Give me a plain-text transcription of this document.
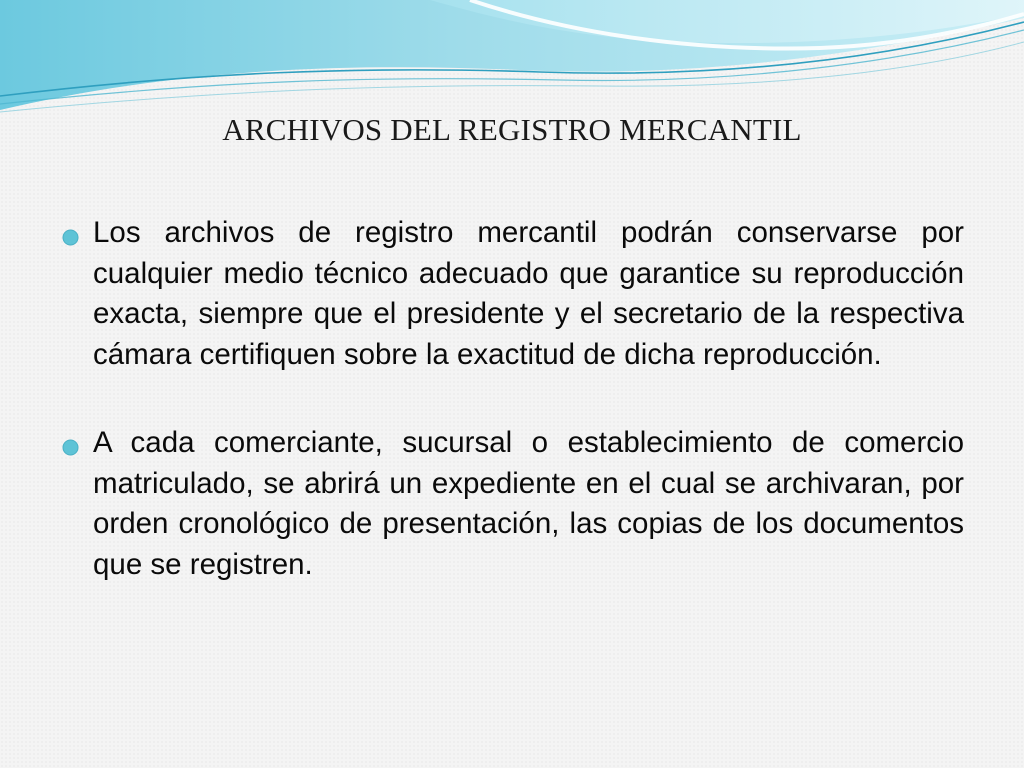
ARCHIVOS DEL REGISTRO MERCANTIL
Los archivos de registro mercantil podrán conservarse por cualquier medio técnico adecuado que garantice su reproducción exacta, siempre que el presidente y el secretario de la respectiva cámara certifiquen sobre la exactitud de dicha reproducción.
A cada comerciante, sucursal o establecimiento de comercio matriculado, se abrirá un expediente en el cual se archivaran, por orden cronológico de presentación, las copias de los documentos que se registren.
